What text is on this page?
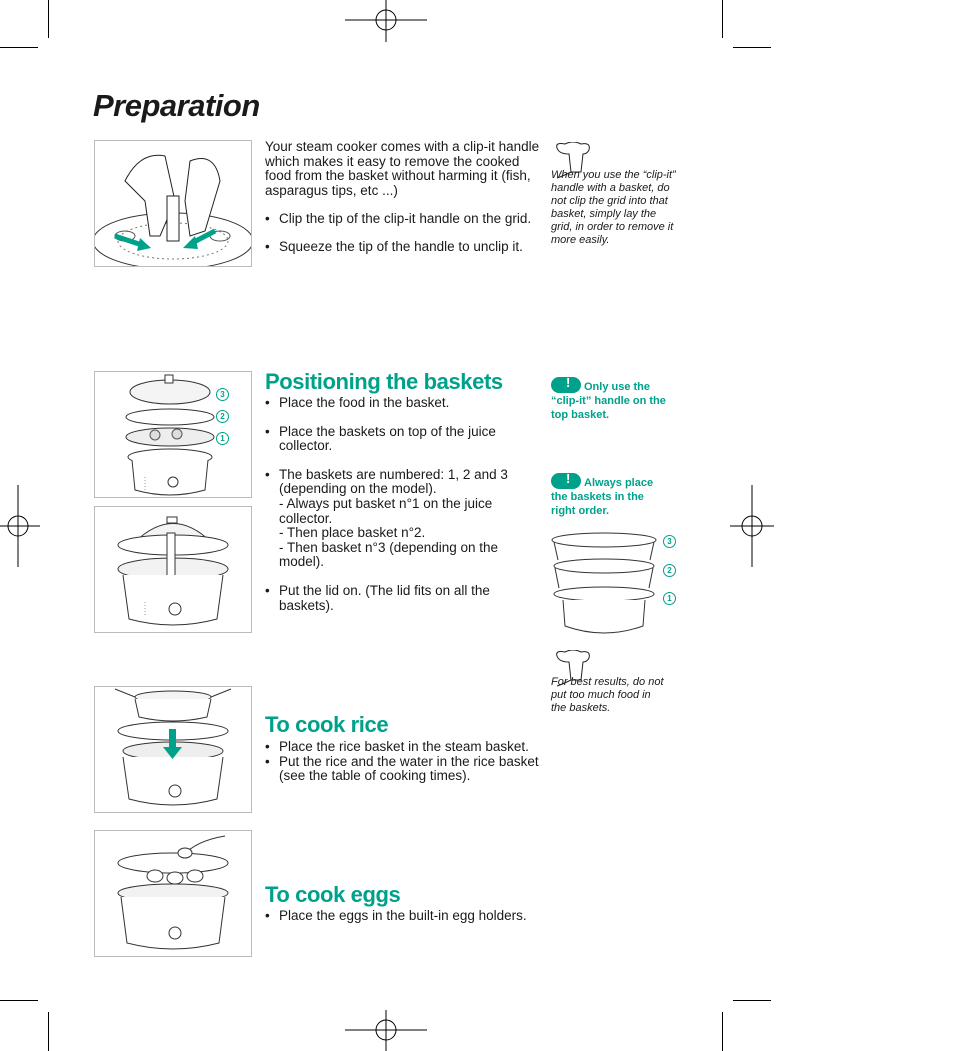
Preparation

Your steam cooker comes with a clip-it handle which makes it easy to remove the cooked food from the basket without harming it (fish, asparagus tips, etc ...)

• Clip the tip of the clip-it handle on the grid.

• Squeeze the tip of the handle to unclip it.

When you use the “clip-it” handle with a basket, do not clip the grid into that basket, simply lay the grid, in order to remove it more easily.
3
2
1
Positioning the baskets

• Place the food in the basket.

• Place the baskets on top of the juice collector.

• The baskets are numbered: 1, 2 and 3 (depending on the model).

- Always put basket n°1 on the juice collector.

- Then place basket n°2.

- Then basket n°3 (depending on the model).

• Put the lid on. (The lid fits on all the baskets).

!Only use the “clip-it” handle on the top basket.
!Always place the baskets in the right order.
3
2
1
For best results, do not put too much food in the baskets.
To cook rice

• Place the rice basket in the steam basket.

• Put the rice and the water in the rice basket (see the table of cooking times).

To cook eggs

• Place the eggs in the built-in egg holders.
